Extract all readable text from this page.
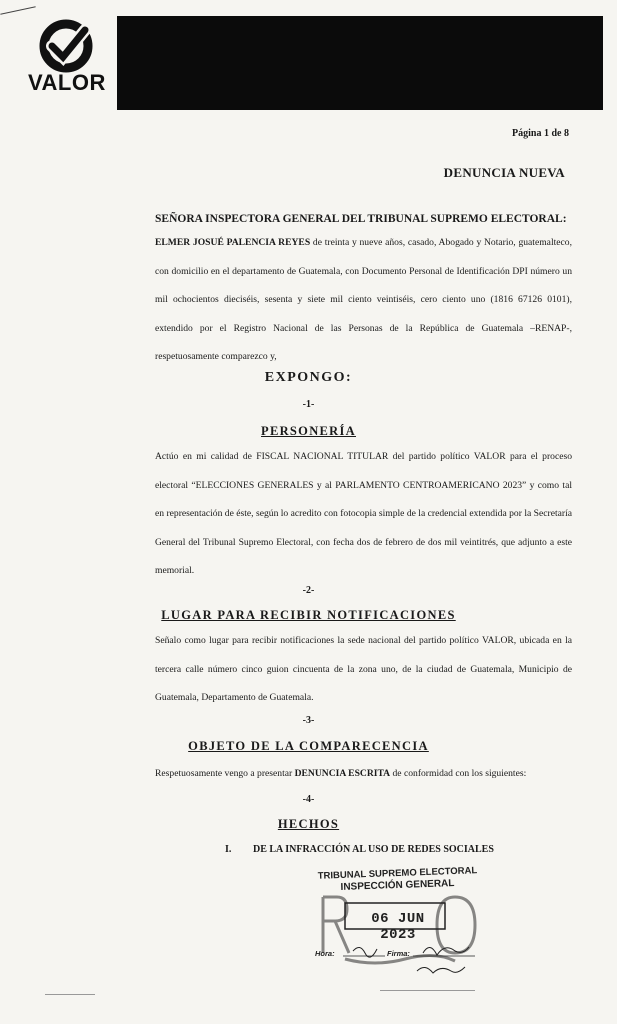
VALOR
Página 1 de 8
DENUNCIA NUEVA
SEÑORA INSPECTORA GENERAL DEL TRIBUNAL SUPREMO ELECTORAL:
ELMER JOSUÉ PALENCIA REYES de treinta y nueve años, casado, Abogado y Notario, guatemalteco, con domicilio en el departamento de Guatemala, con Documento Personal de Identificación DPI número un mil ochocientos dieciséis, sesenta y siete mil ciento veintiséis, cero ciento uno (1816 67126 0101), extendido por el Registro Nacional de las Personas de la República de Guatemala –RENAP-, respetuosamente comparezco y,
EXPONGO:
-1-
PERSONERÍA
Actúo en mi calidad de FISCAL NACIONAL TITULAR del partido político VALOR para el proceso electoral “ELECCIONES GENERALES y al PARLAMENTO CENTROAMERICANO 2023” y como tal en representación de éste, según lo acredito con fotocopia simple de la credencial extendida por la Secretaría General del Tribunal Supremo Electoral, con fecha dos de febrero de dos mil veintitrés, que adjunto a este memorial.
-2-
LUGAR PARA RECIBIR NOTIFICACIONES
Señalo como lugar para recibir notificaciones la sede nacional del partido político VALOR, ubicada en la tercera calle número cinco guion cincuenta de la zona uno, de la ciudad de Guatemala, Municipio de Guatemala, Departamento de Guatemala.
-3-
OBJETO DE LA COMPARECENCIA
Respetuosamente vengo a presentar DENUNCIA ESCRITA de conformidad con los siguientes:
-4-
HECHOS
I. DE LA INFRACCIÓN AL USO DE REDES SOCIALES
TRIBUNAL SUPREMO ELECTORAL
INSPECCIÓN GENERAL
06 JUN 2023
Hora:	Firma:
